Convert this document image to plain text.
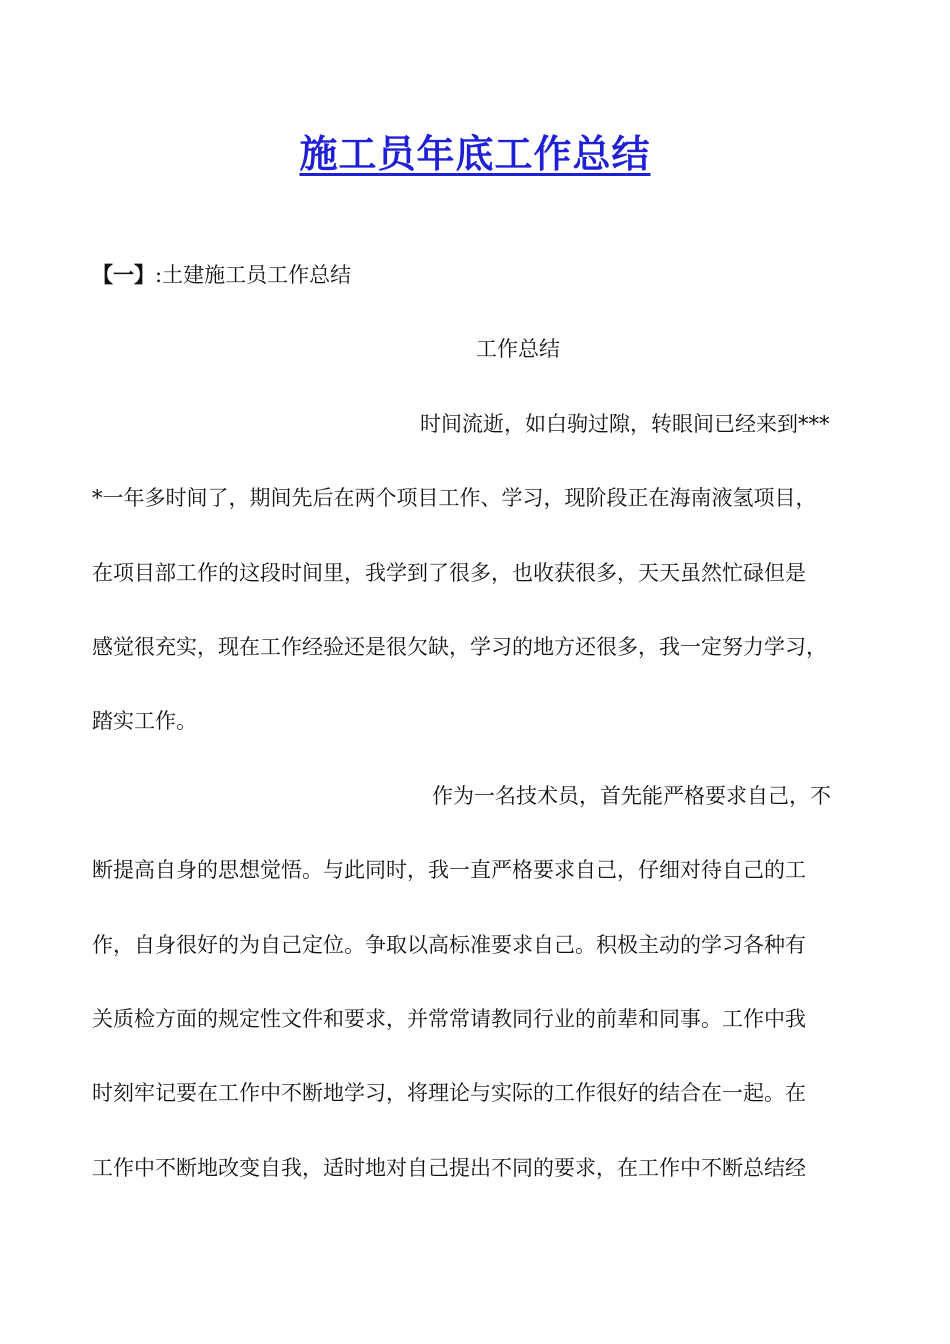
施工员年底工作总结
【一】:土建施工员工作总结
工作总结
时间流逝，如白驹过隙，转眼间已经来到***
*一年多时间了，期间先后在两个项目工作、学习，现阶段正在海南液氢项目，
在项目部工作的这段时间里，我学到了很多，也收获很多，天天虽然忙碌但是
感觉很充实，现在工作经验还是很欠缺，学习的地方还很多，我一定努力学习，
踏实工作。
作为一名技术员，首先能严格要求自己，不
断提高自身的思想觉悟。与此同时，我一直严格要求自己，仔细对待自己的工
作，自身很好的为自己定位。争取以高标准要求自己。积极主动的学习各种有
关质检方面的规定性文件和要求，并常常请教同行业的前辈和同事。工作中我
时刻牢记要在工作中不断地学习，将理论与实际的工作很好的结合在一起。在
工作中不断地改变自我，适时地对自己提出不同的要求，在工作中不断总结经
